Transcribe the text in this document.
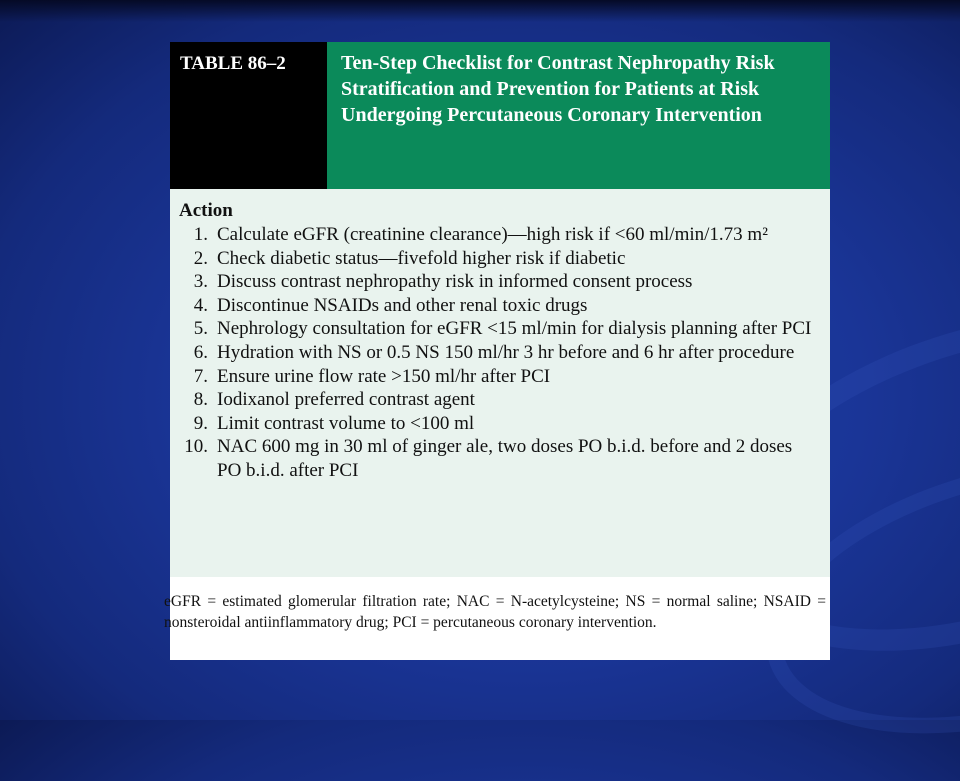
TABLE 86–2	Ten-Step Checklist for Contrast Nephropathy Risk Stratification and Prevention for Patients at Risk Undergoing Percutaneous Coronary Intervention
Action
1. Calculate eGFR (creatinine clearance)—high risk if <60 ml/min/1.73 m²
2. Check diabetic status—fivefold higher risk if diabetic
3. Discuss contrast nephropathy risk in informed consent process
4. Discontinue NSAIDs and other renal toxic drugs
5. Nephrology consultation for eGFR <15 ml/min for dialysis planning after PCI
6. Hydration with NS or 0.5 NS 150 ml/hr 3 hr before and 6 hr after procedure
7. Ensure urine flow rate >150 ml/hr after PCI
8. Iodixanol preferred contrast agent
9. Limit contrast volume to <100 ml
10. NAC 600 mg in 30 ml of ginger ale, two doses PO b.i.d. before and 2 doses PO b.i.d. after PCI

eGFR = estimated glomerular filtration rate; NAC = N-acetylcysteine; NS = normal saline; NSAID = nonsteroidal antiinflammatory drug; PCI = percutaneous coronary intervention.
